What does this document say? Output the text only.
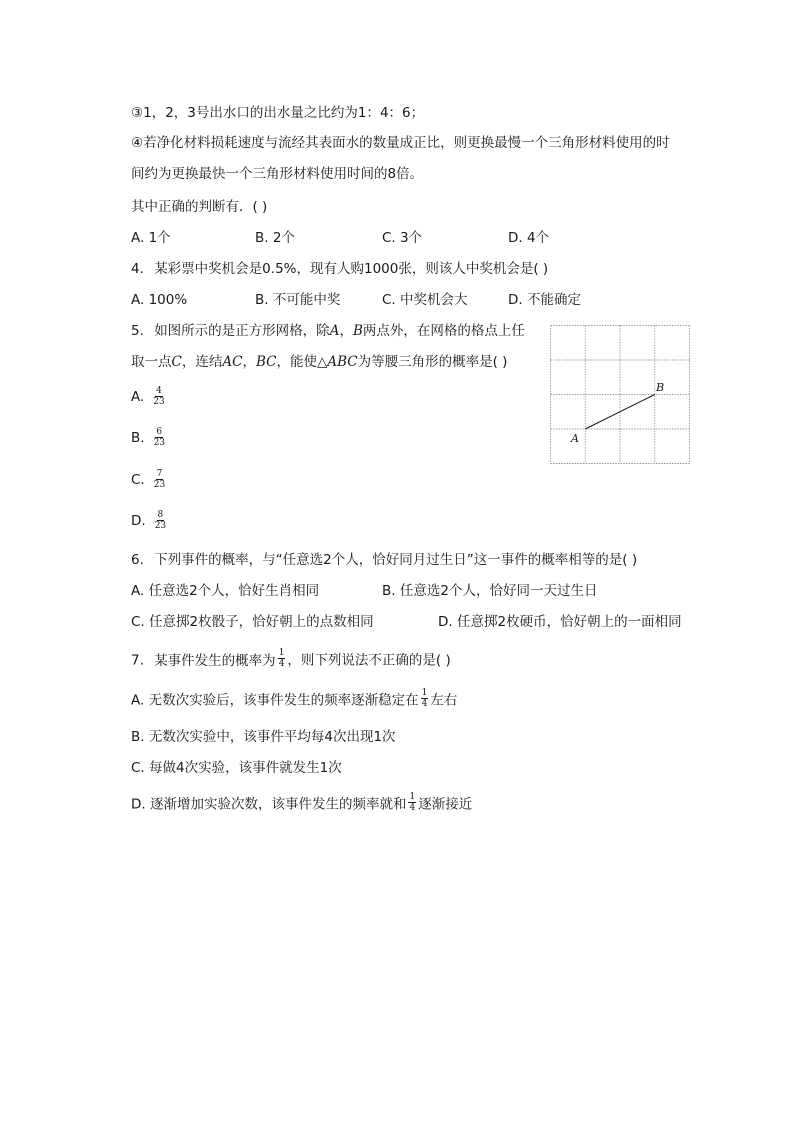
③1，2，3号出水口的出水量之比约为1：4：6；
④若净化材料损耗速度与流经其表面水的数量成正比，则更换最慢一个三角形材料使用的时
间约为更换最快一个三角形材料使用时间的8倍。
其中正确的判断有．( )
A. 1个	B. 2个	C. 3个	D. 4个
4. 某彩票中奖机会是0.5%，现有人购1000张，则该人中奖机会是( )
A. 100%	B. 不可能中奖	C. 中奖机会大	D. 不能确定
5. 如图所示的是正方形网格，除A，B两点外，在网格的格点上任
取一点C，连结AC，BC，能使△ABC为等腰三角形的概率是( )
A. $\frac{4}{23}$
B. $\frac{6}{23}$
C. $\frac{7}{23}$
D. $\frac{8}{23}$
A
B
6. 下列事件的概率，与“任意选2个人，恰好同月过生日”这一事件的概率相等的是( )
A. 任意选2个人，恰好生肖相同	B. 任意选2个人，恰好同一天过生日
C. 任意掷2枚骰子，恰好朝上的点数相同	D. 任意掷2枚硬币，恰好朝上的一面相同
7. 某事件发生的概率为 $\frac{1}{4}$ ，则下列说法不正确的是( )
A. 无数次实验后，该事件发生的频率逐渐稳定在 $\frac{1}{4}$ 左右
B. 无数次实验中，该事件平均每4次出现1次
C. 每做4次实验，该事件就发生1次
D. 逐渐增加实验次数，该事件发生的频率就和 $\frac{1}{4}$ 逐渐接近
